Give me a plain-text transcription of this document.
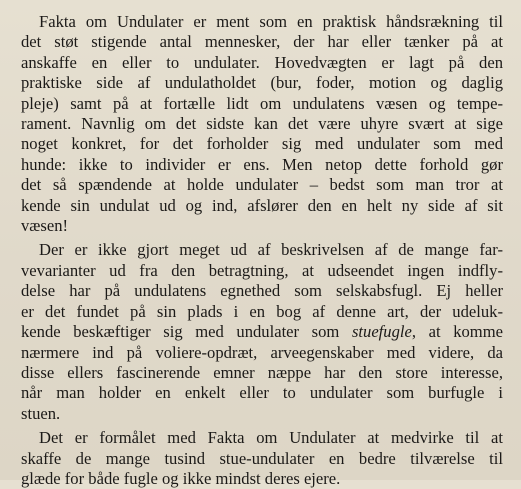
Fakta om Undulater er ment som en praktisk håndsrækning til
det støt stigende antal mennesker, der har eller tænker på at
anskaffe en eller to undulater. Hovedvægten er lagt på den
praktiske side af undulatholdet (bur, foder, motion og daglig
pleje) samt på at fortælle lidt om undulatens væsen og tempe-
rament. Navnlig om det sidste kan det være uhyre svært at sige
noget konkret, for det forholder sig med undulater som med
hunde: ikke to individer er ens. Men netop dette forhold gør
det så spændende at holde undulater – bedst som man tror at
kende sin undulat ud og ind, afslører den en helt ny side af sit
væsen!

Der er ikke gjort meget ud af beskrivelsen af de mange far-
vevarianter ud fra den betragtning, at udseendet ingen indfly-
delse har på undulatens egnethed som selskabsfugl. Ej heller
er det fundet på sin plads i en bog af denne art, der udeluk-
kende beskæftiger sig med undulater som stuefugle, at komme
nærmere ind på voliere-opdræt, arveegenskaber med videre, da
disse ellers fascinerende emner næppe har den store interesse,
når man holder en enkelt eller to undulater som burfugle i
stuen.

Det er formålet med Fakta om Undulater at medvirke til at
skaffe de mange tusind stue-undulater en bedre tilværelse til
glæde for både fugle og ikke mindst deres ejere.
